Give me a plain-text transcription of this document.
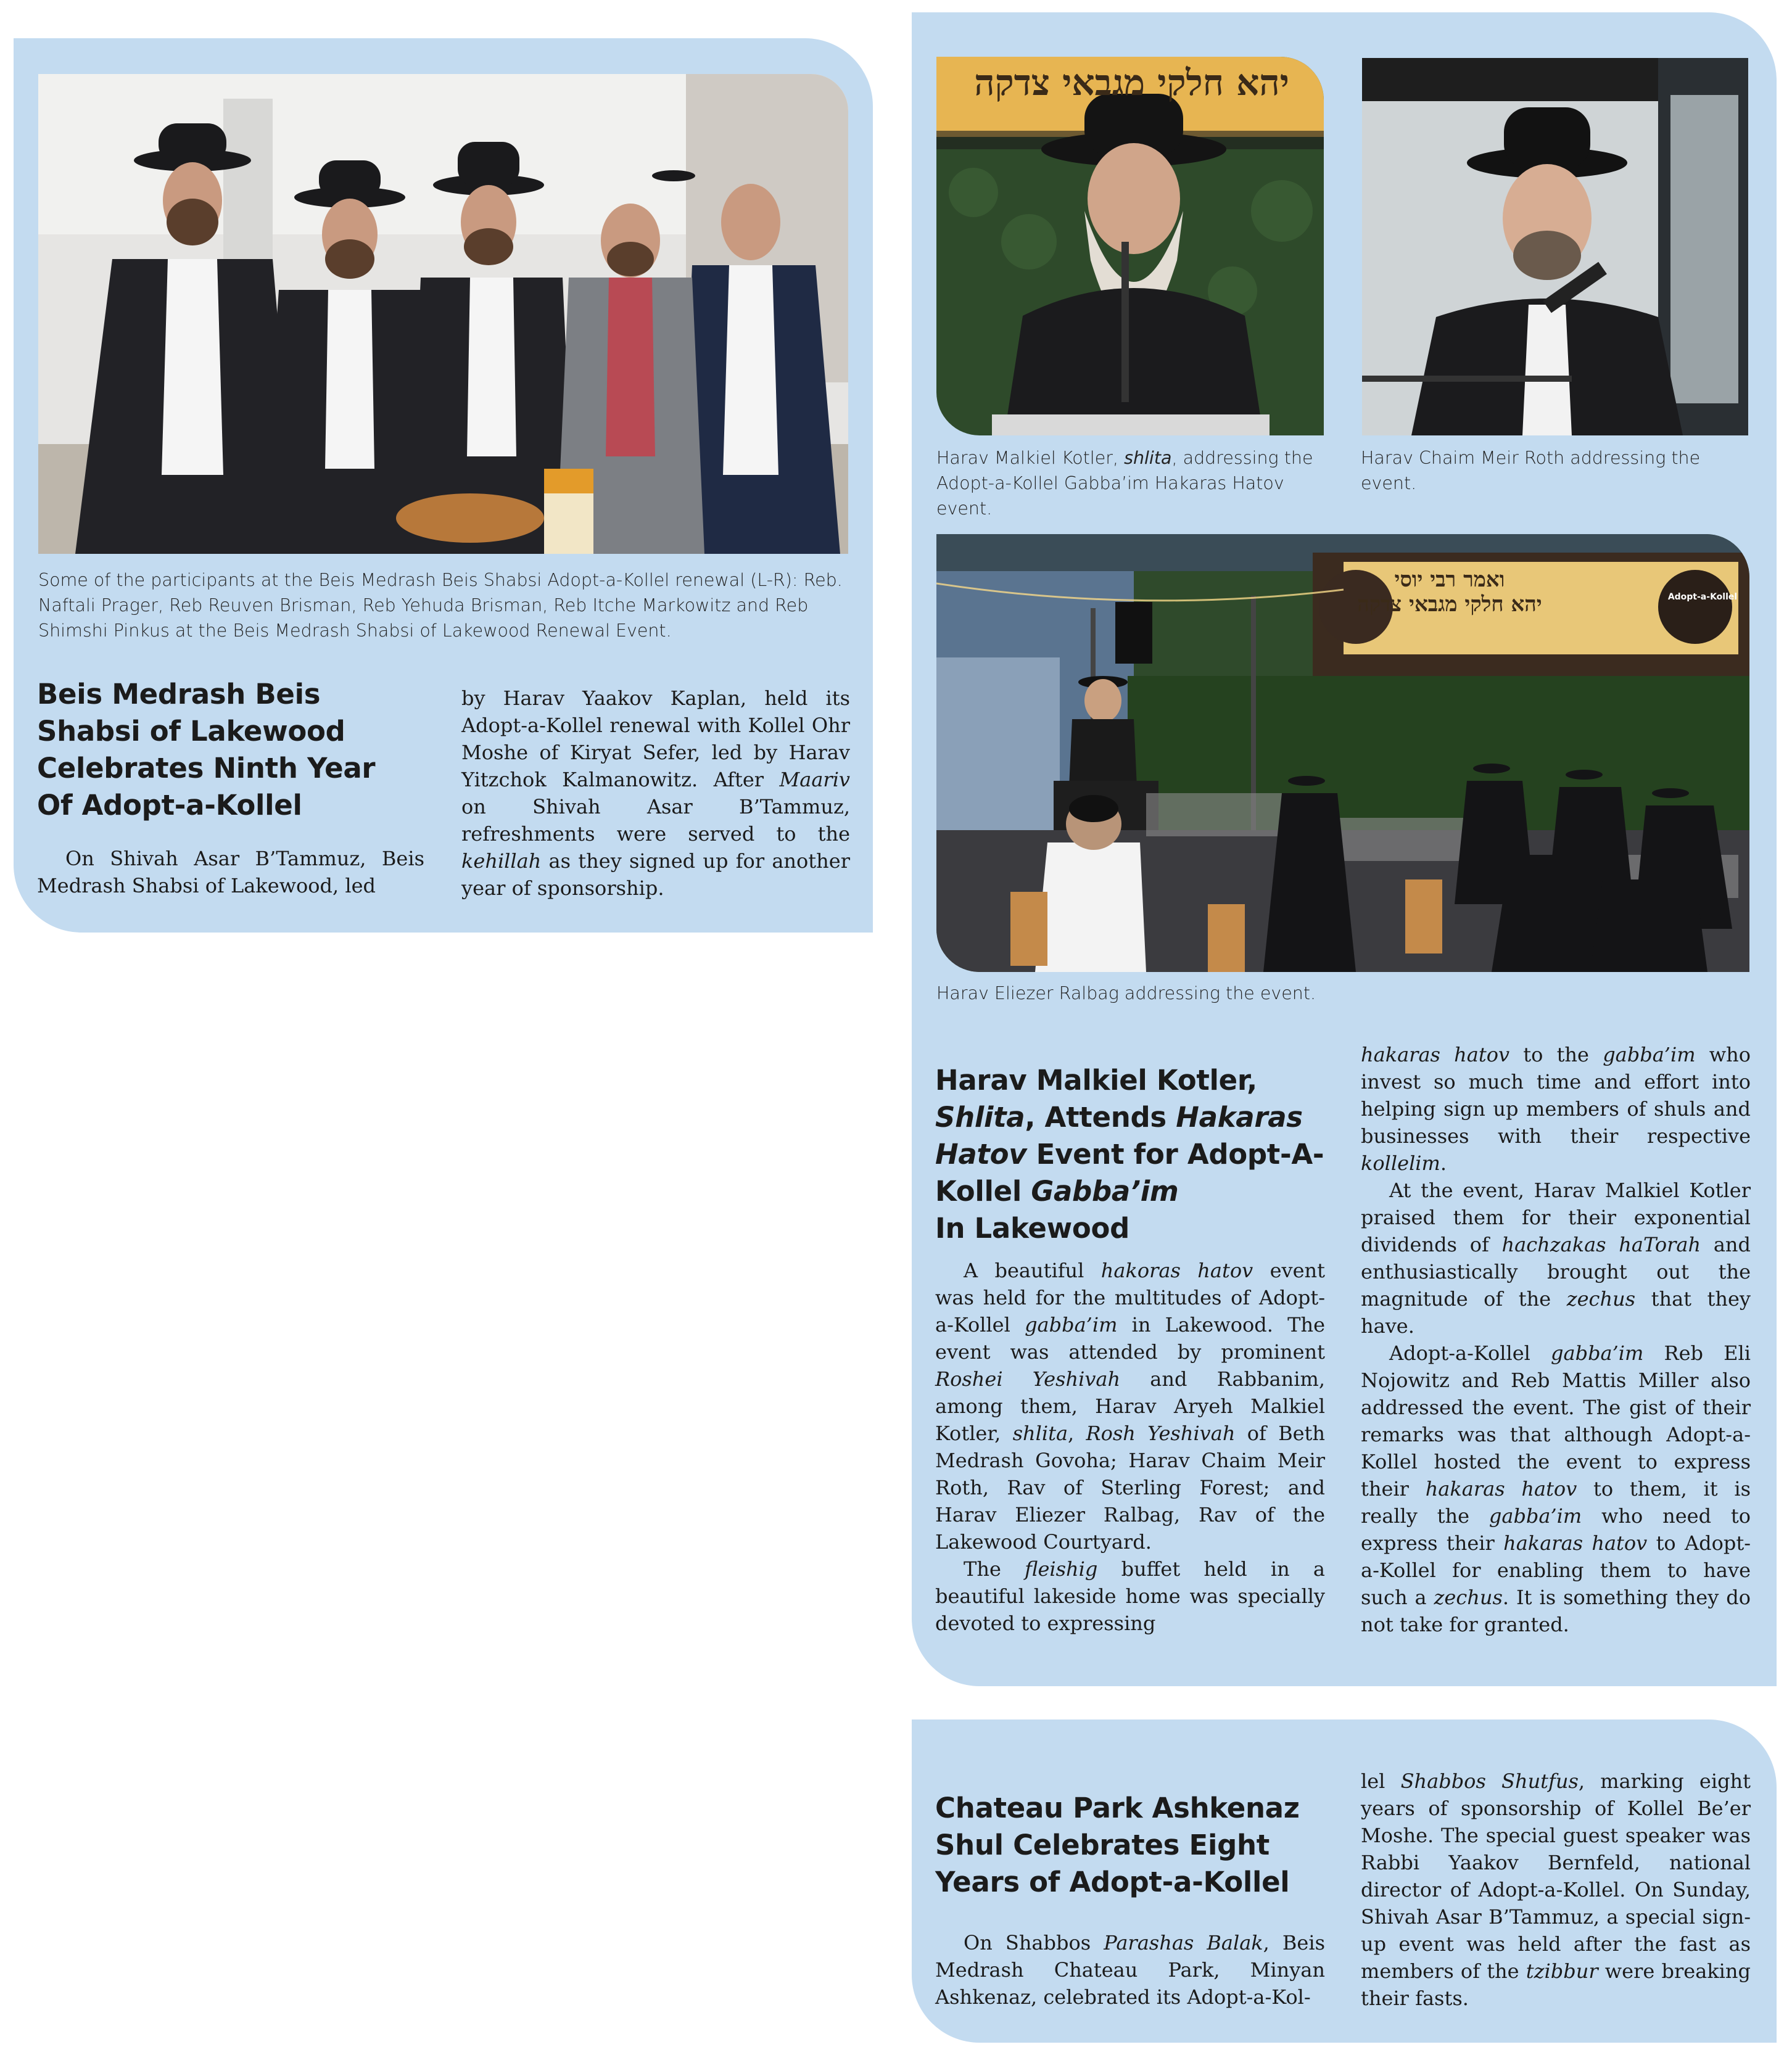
Some of the participants at the Beis Medrash Beis Shabsi Adopt-a-Kollel renewal (L-R): Reb. Naftali Prager, Reb Reuven Brisman, Reb Yehuda Brisman, Reb Itche Markowitz and Reb Shimshi Pinkus at the Beis Medrash Shabsi of Lakewood Renewal Event.
Beis Medrash Beis Shabsi of Lakewood Celebrates Ninth Year Of Adopt-a-Kollel

On Shivah Asar B’Tammuz, Beis Medrash Shabsi of Lakewood, led

by Harav Yaakov Kaplan, held its Adopt-a-Kollel renewal with Kollel Ohr Moshe of Kiryat Sefer, led by Harav Yitzchok Kalmanowitz. After Maariv on Shivah Asar B’Tammuz, refreshments were served to the kehillah as they signed up for another year of sponsorship.

Harav Malkiel Kotler, shlita, addressing the Adopt-a-Kollel Gabba’im Hakaras Hatov event.
Harav Chaim Meir Roth addressing the event.
Harav Eliezer Ralbag addressing the event.
Harav Malkiel Kotler,
Shlita, Attends Hakaras Hatov Event for Adopt-A-Kollel Gabba’im
In Lakewood

A beautiful hakoras hatov event was held for the multitudes of Adopt-a-Kollel gabba’im in Lakewood. The event was attended by prominent Roshei Yeshivah and Rabbanim, among them, Harav Aryeh Malkiel Kotler, shlita, Rosh Yeshivah of Beth Medrash Govoha; Harav Chaim Meir Roth, Rav of Sterling Forest; and Harav Eliezer Ralbag, Rav of the Lakewood Courtyard.

The fleishig buffet held in a beautiful lakeside home was specially devoted to expressing

hakaras hatov to the gabba’im who invest so much time and effort into helping sign up members of shuls and businesses with their respective kollelim.

At the event, Harav Malkiel Kotler praised them for their exponential dividends of hachzakas haTorah and enthusiastically brought out the magnitude of the zechus that they have.

Adopt-a-Kollel gabba’im Reb Eli Nojowitz and Reb Mattis Miller also addressed the event. The gist of their remarks was that although Adopt-a-Kollel hosted the event to express their hakaras hatov to them, it is really the gabba’im who need to express their hakaras hatov to Adopt-a-Kollel for enabling them to have such a zechus. It is something they do not take for granted.

Chateau Park Ashkenaz Shul Celebrates Eight Years of Adopt-a-Kollel

On Shabbos Parashas Balak, Beis Medrash Chateau Park, Minyan Ashkenaz, celebrated its Adopt-a-Kol-

lel Shabbos Shutfus, marking eight years of sponsorship of Kollel Be’er Moshe. The special guest speaker was Rabbi Yaakov Bernfeld, national director of Adopt-a-Kollel. On Sunday, Shivah Asar B’Tammuz, a special sign-up event was held after the fast as members of the tzibbur were breaking their fasts.

יהא חלקי מגבאי צדקה
ואמר רבי יוסי
יהא חלקי מגבאי צדקה	Adopt-a-Kollel
